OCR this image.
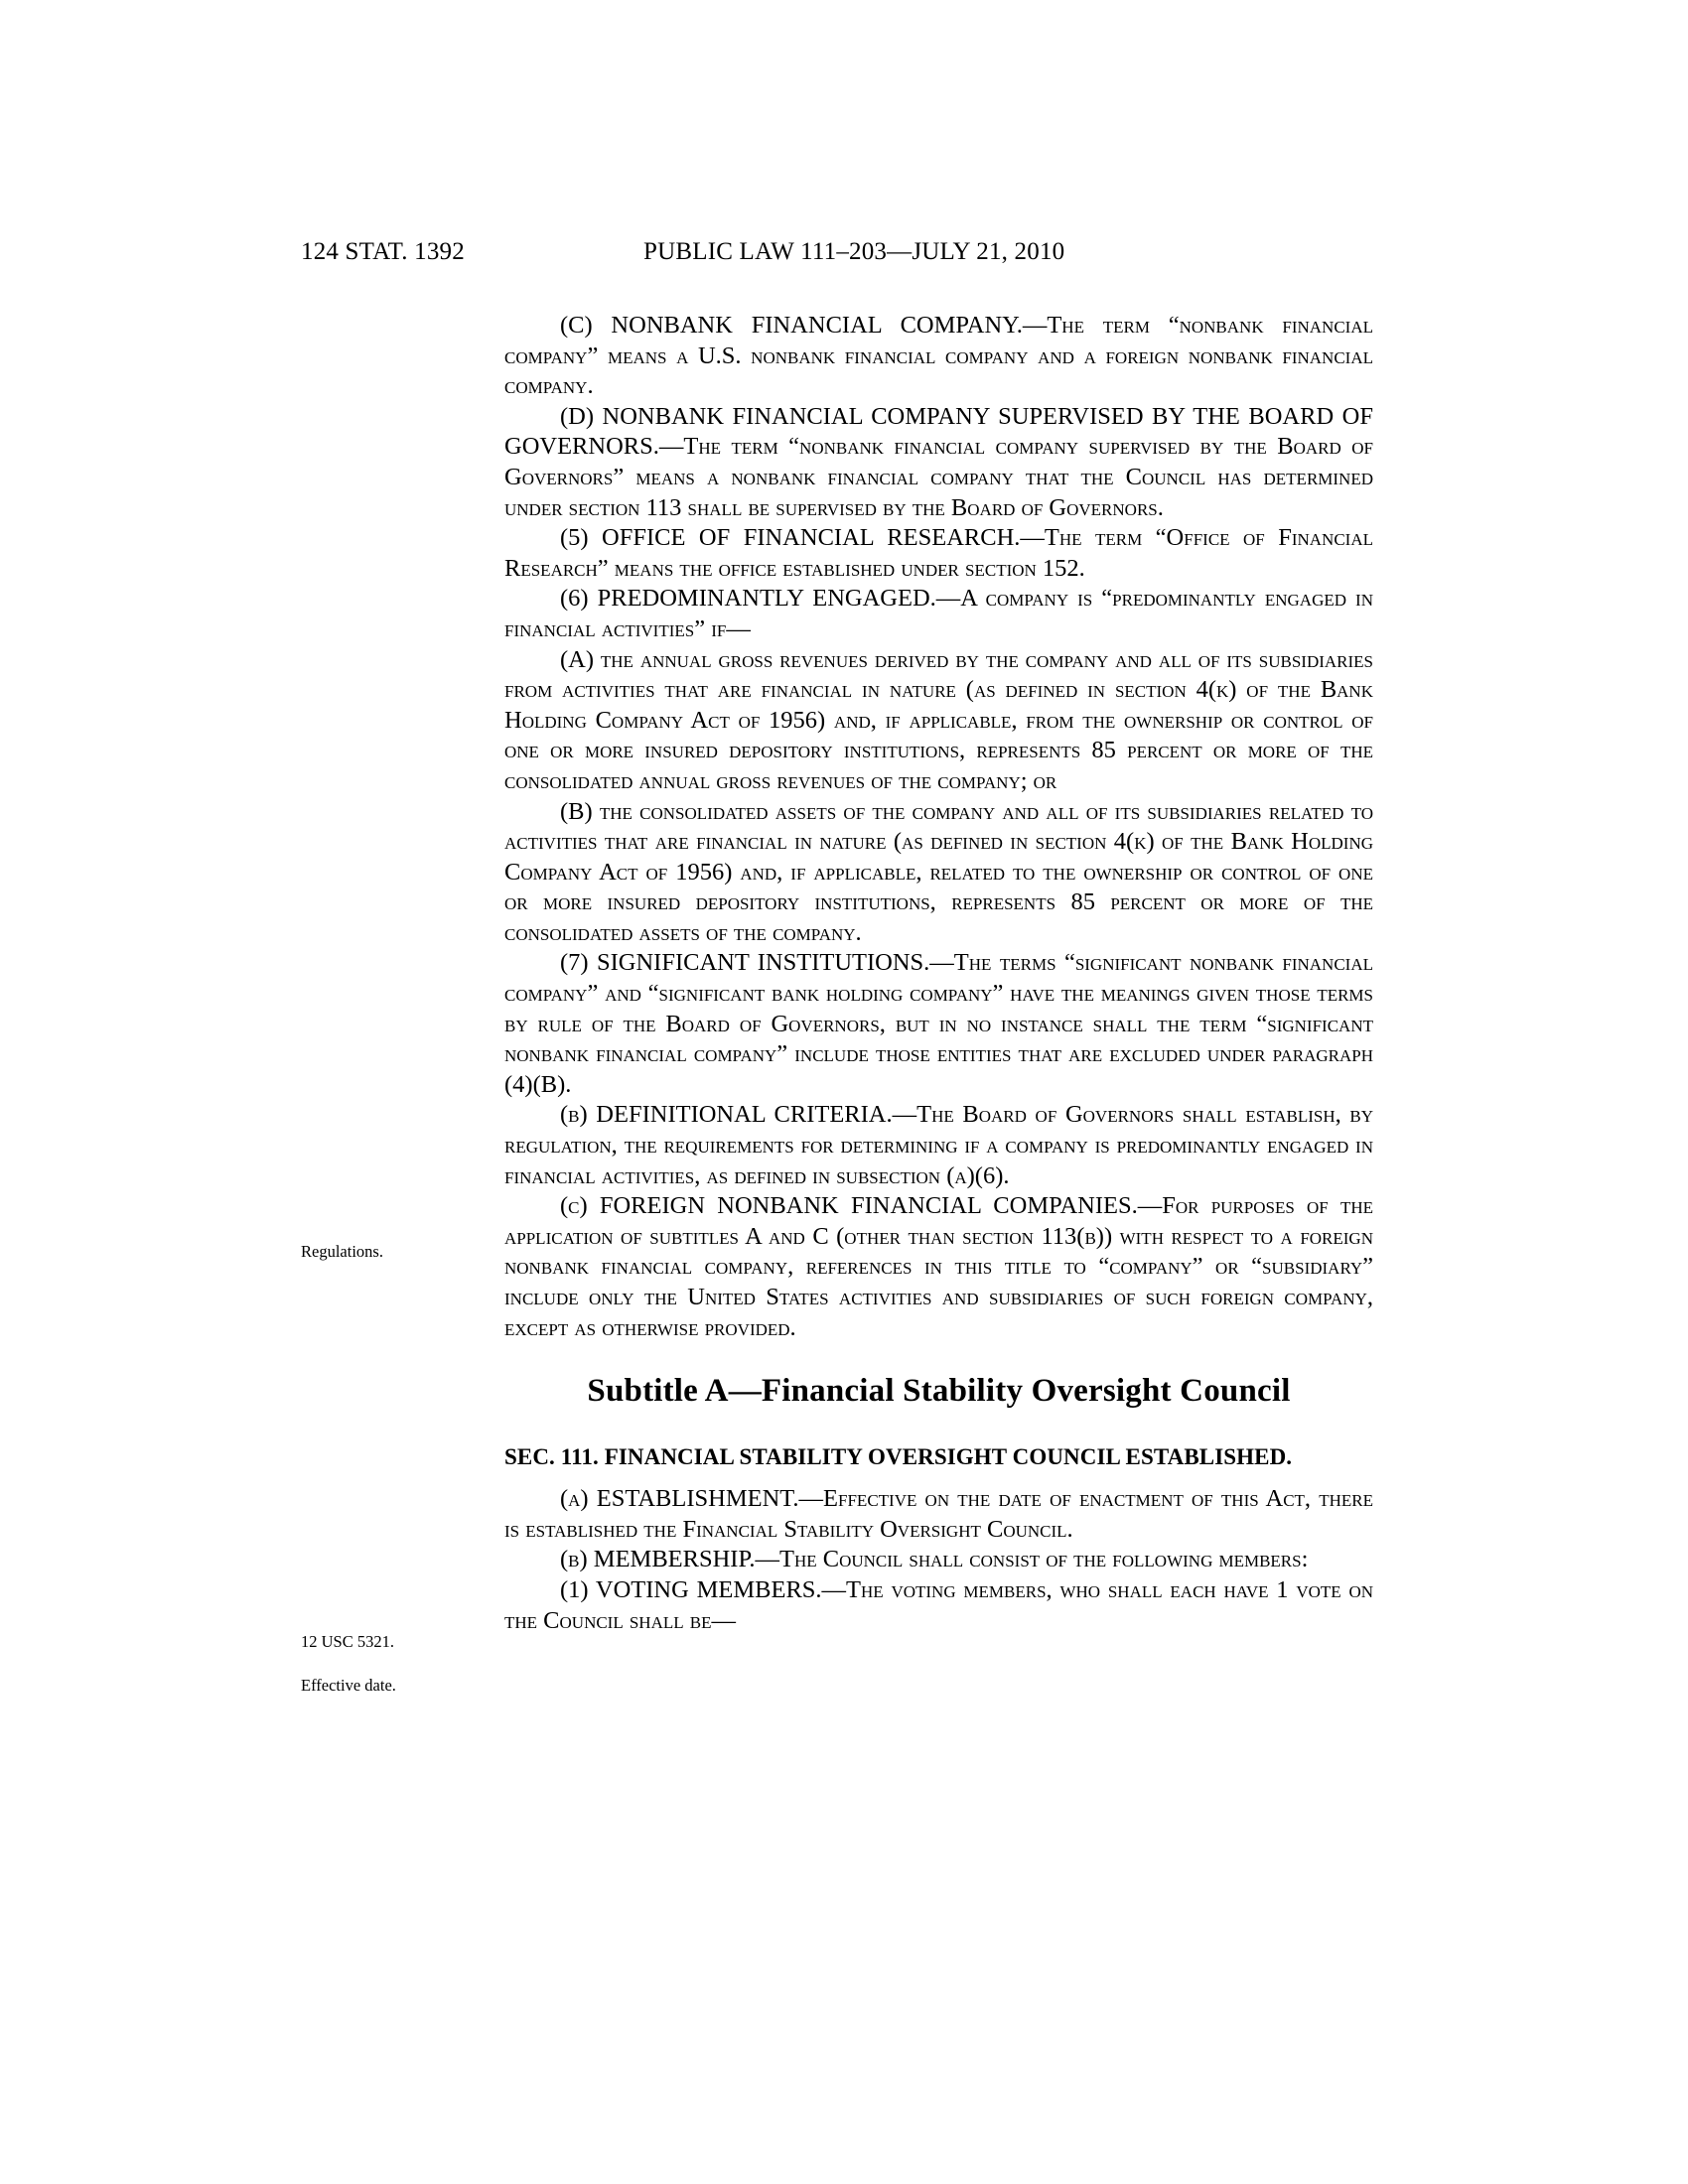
124 STAT. 1392	PUBLIC LAW 111–203—JULY 21, 2010
Regulations.
12 USC 5321.
Effective date.

(C) NONBANK FINANCIAL COMPANY.—The term “nonbank financial company” means a U.S. nonbank financial company and a foreign nonbank financial company.

(D) NONBANK FINANCIAL COMPANY SUPERVISED BY THE BOARD OF GOVERNORS.—The term “nonbank financial company supervised by the Board of Governors” means a nonbank financial company that the Council has determined under section 113 shall be supervised by the Board of Governors.

(5) OFFICE OF FINANCIAL RESEARCH.—The term “Office of Financial Research” means the office established under section 152.

(6) PREDOMINANTLY ENGAGED.—A company is “predominantly engaged in financial activities” if—

(A) the annual gross revenues derived by the company and all of its subsidiaries from activities that are financial in nature (as defined in section 4(k) of the Bank Holding Company Act of 1956) and, if applicable, from the ownership or control of one or more insured depository institutions, represents 85 percent or more of the consolidated annual gross revenues of the company; or

(B) the consolidated assets of the company and all of its subsidiaries related to activities that are financial in nature (as defined in section 4(k) of the Bank Holding Company Act of 1956) and, if applicable, related to the ownership or control of one or more insured depository institutions, represents 85 percent or more of the consolidated assets of the company.

(7) SIGNIFICANT INSTITUTIONS.—The terms “significant nonbank financial company” and “significant bank holding company” have the meanings given those terms by rule of the Board of Governors, but in no instance shall the term “significant nonbank financial company” include those entities that are excluded under paragraph (4)(B).

(b) DEFINITIONAL CRITERIA.—The Board of Governors shall establish, by regulation, the requirements for determining if a company is predominantly engaged in financial activities, as defined in subsection (a)(6).

(c) FOREIGN NONBANK FINANCIAL COMPANIES.—For purposes of the application of subtitles A and C (other than section 113(b)) with respect to a foreign nonbank financial company, references in this title to “company” or “subsidiary” include only the United States activities and subsidiaries of such foreign company, except as otherwise provided.

Subtitle A—Financial Stability Oversight Council
SEC. 111. FINANCIAL STABILITY OVERSIGHT COUNCIL ESTABLISHED.

(a) ESTABLISHMENT.—Effective on the date of enactment of this Act, there is established the Financial Stability Oversight Council.

(b) MEMBERSHIP.—The Council shall consist of the following members:

(1) VOTING MEMBERS.—The voting members, who shall each have 1 vote on the Council shall be—
